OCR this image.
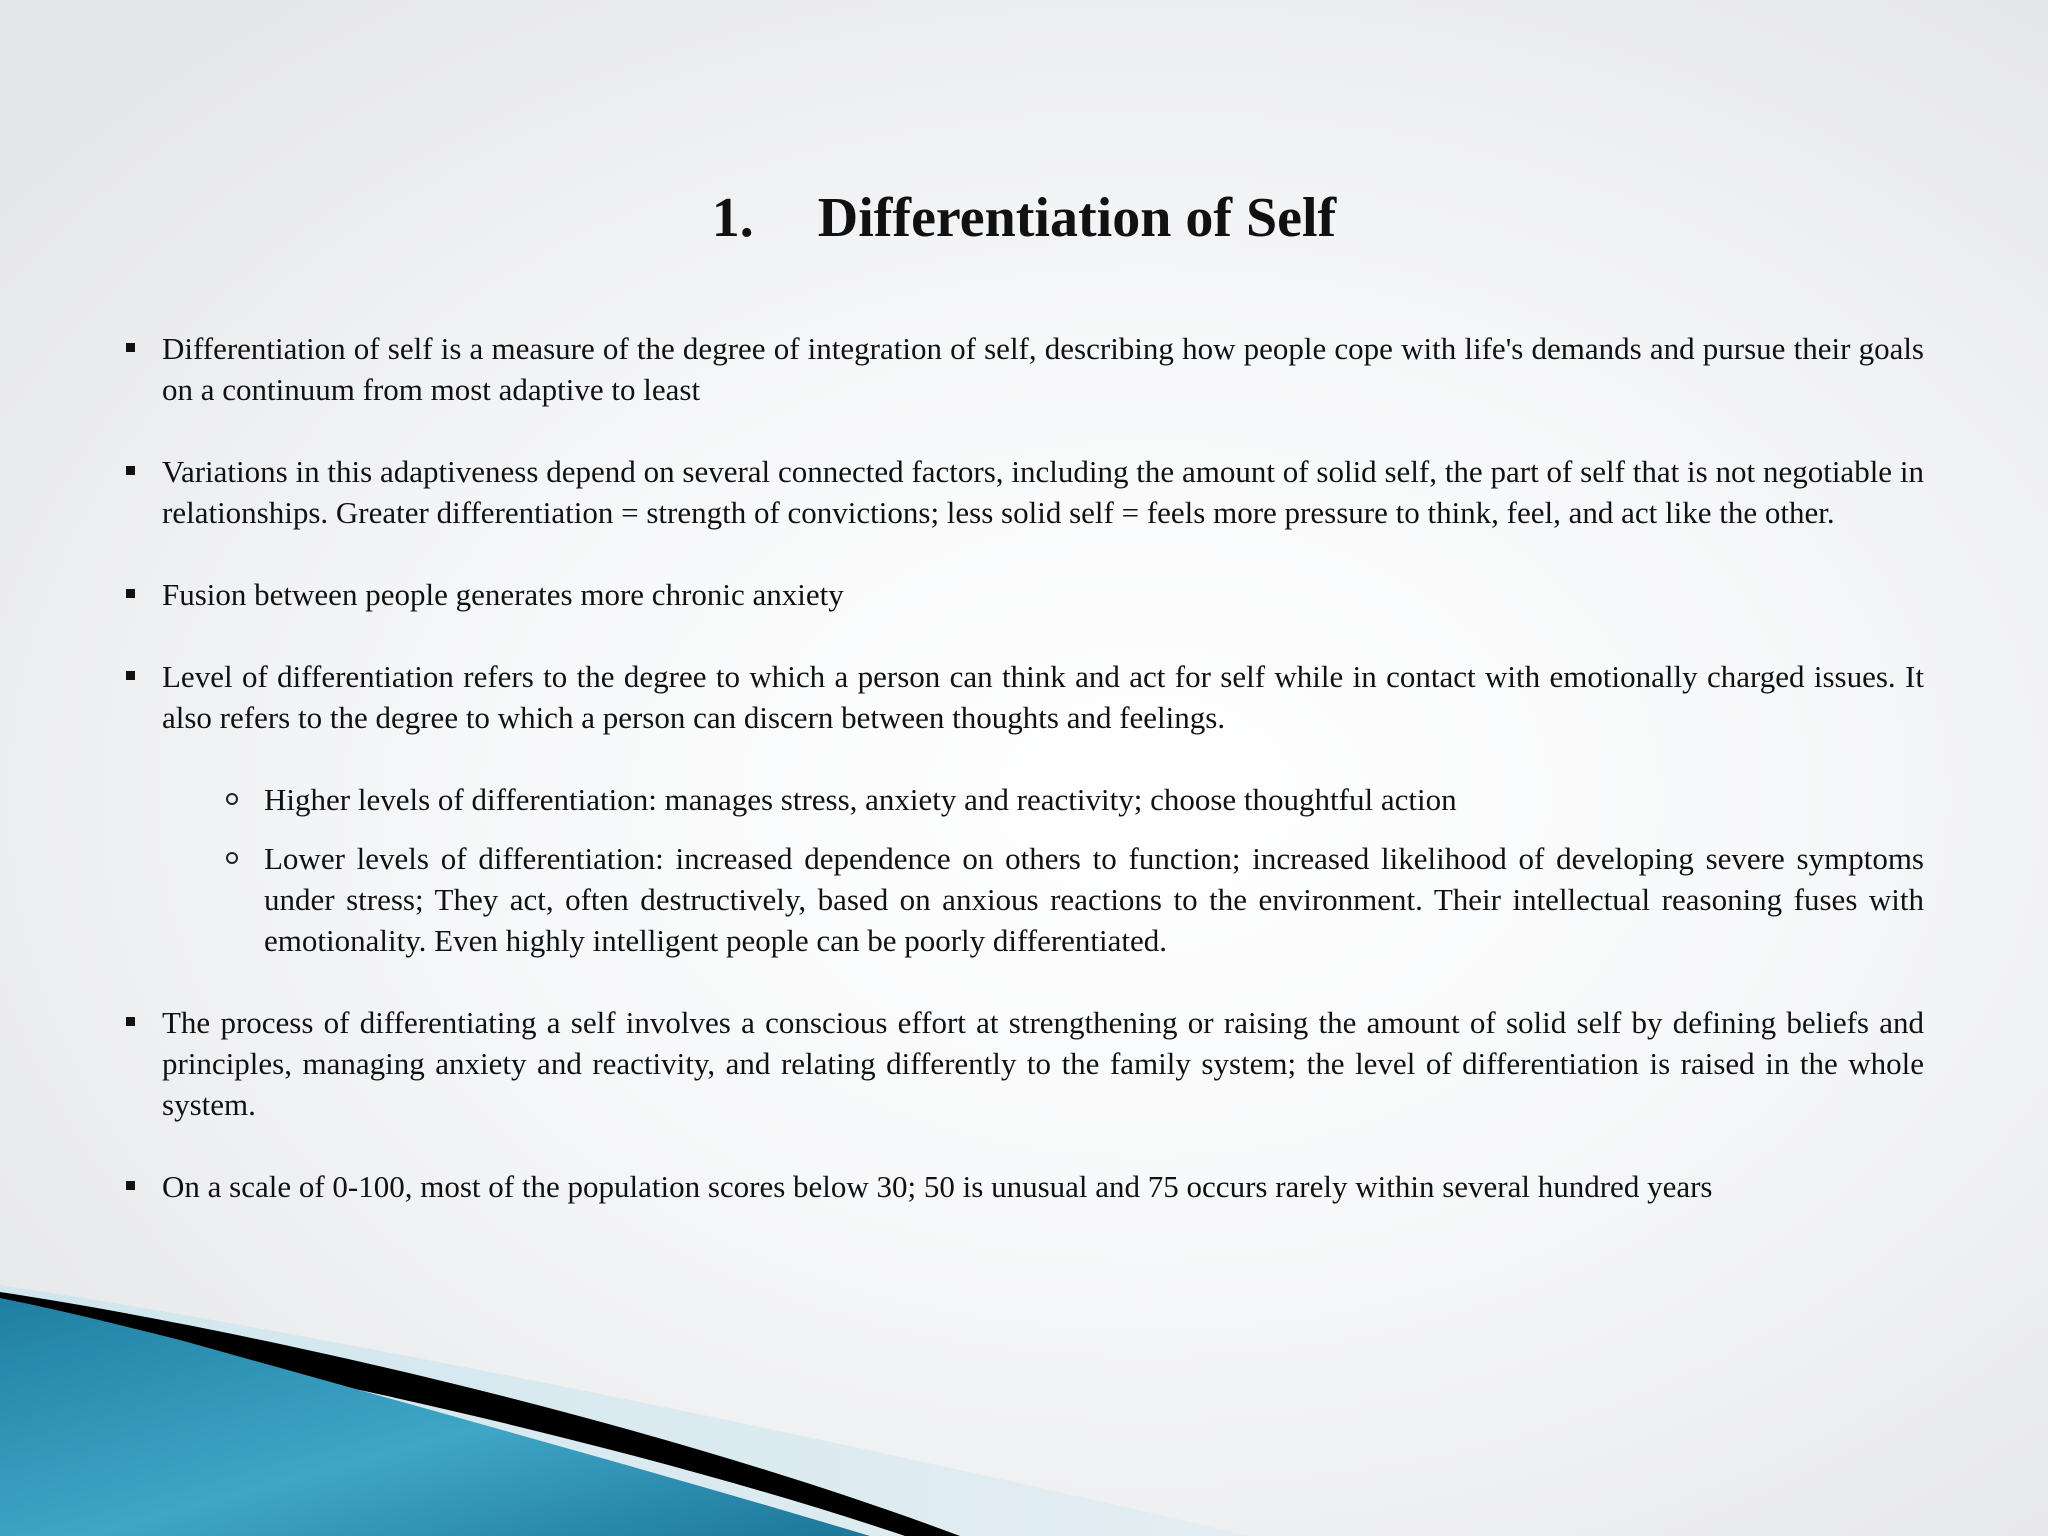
1. Differentiation of Self
Differentiation of self is a measure of the degree of integration of self, describing how people cope with life's demands and pursue their goals on a continuum from most adaptive to least
Variations in this adaptiveness depend on several connected factors, including the amount of solid self, the part of self that is not negotiable in relationships. Greater differentiation = strength of convictions; less solid self = feels more pressure to think, feel, and act like the other.
Fusion between people generates more chronic anxiety
Level of differentiation refers to the degree to which a person can think and act for self while in contact with emotionally charged issues. It also refers to the degree to which a person can discern between thoughts and feelings.
Higher levels of differentiation: manages stress, anxiety and reactivity; choose thoughtful action
Lower levels of differentiation: increased dependence on others to function; increased likelihood of developing severe symptoms under stress; They act, often destructively, based on anxious reactions to the environment. Their intellectual reasoning fuses with emotionality. Even highly intelligent people can be poorly differentiated.
The process of differentiating a self involves a conscious effort at strengthening or raising the amount of solid self by defining beliefs and principles, managing anxiety and reactivity, and relating differently to the family system; the level of differentiation is raised in the whole system.
On a scale of 0-100, most of the population scores below 30; 50 is unusual and 75 occurs rarely within several hundred years
